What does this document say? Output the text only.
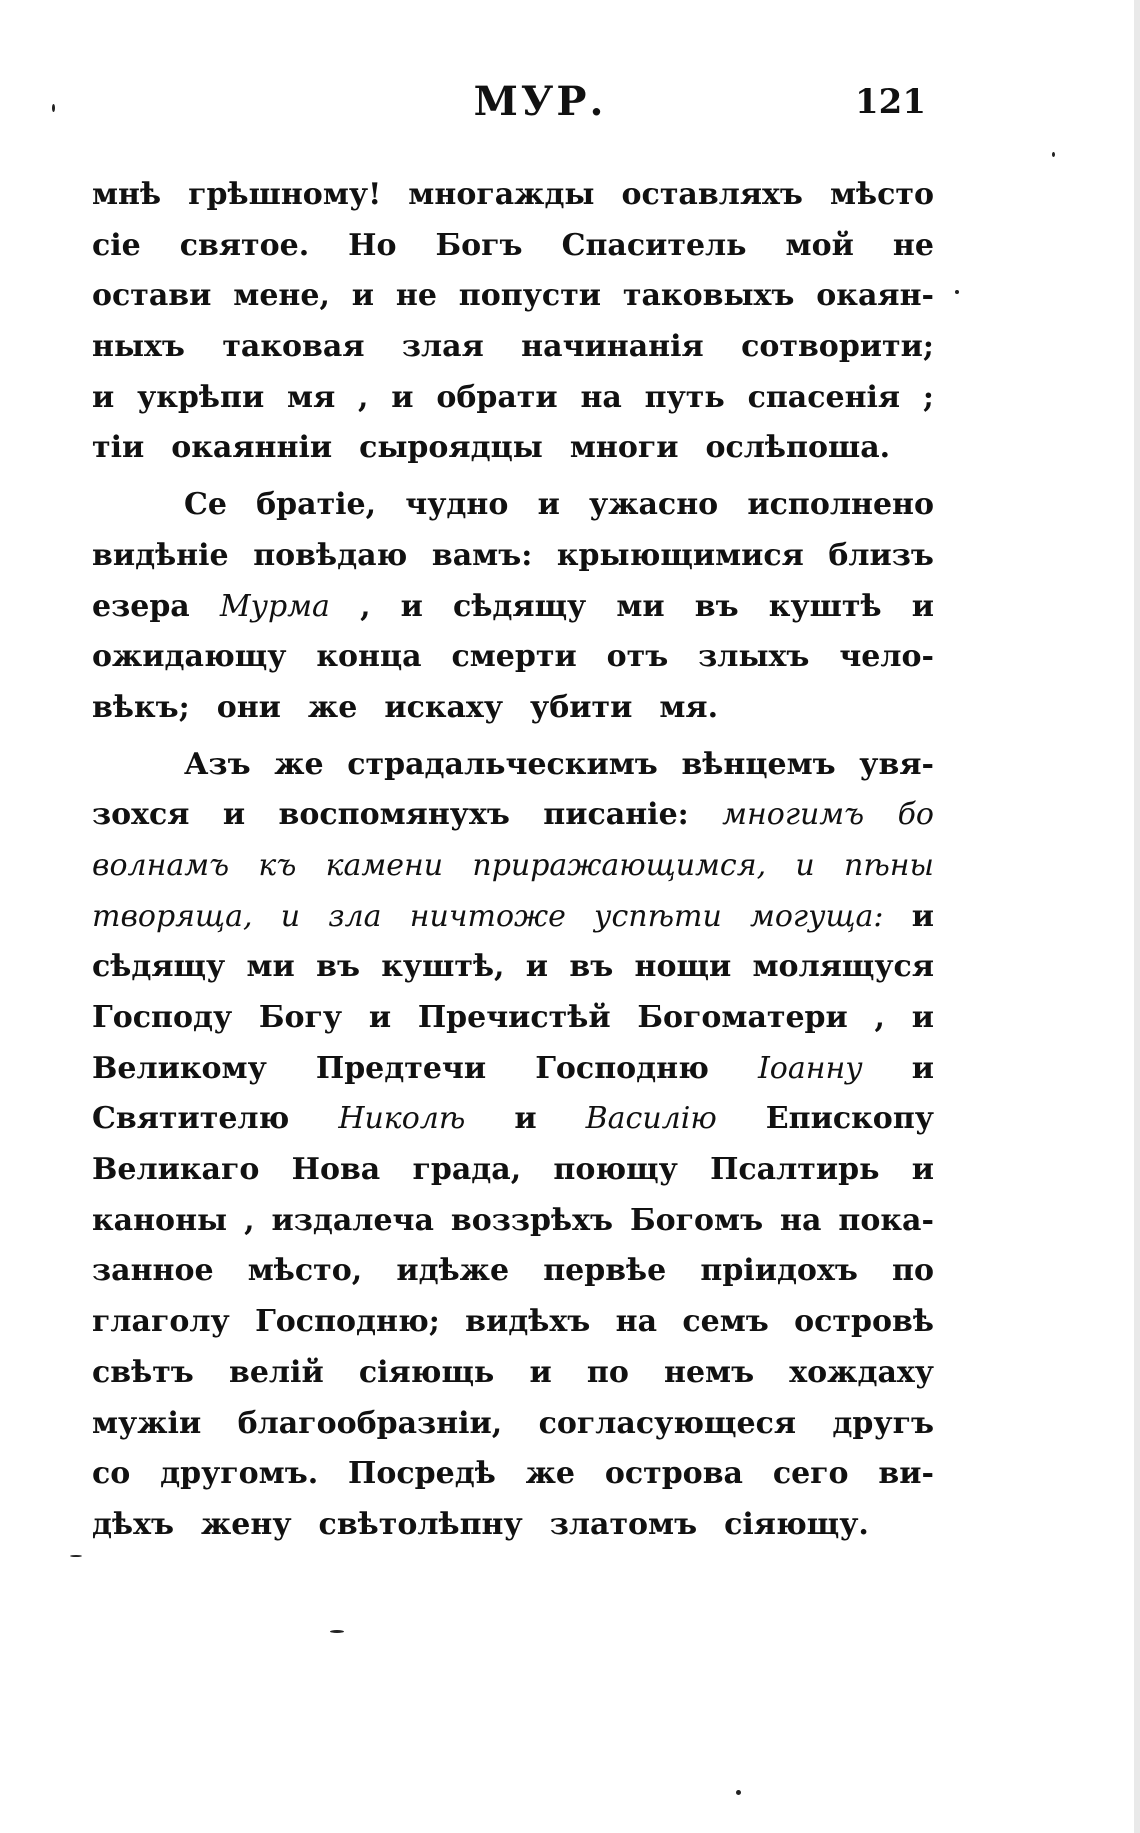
МУР.	121
мнѣ грѣшному! многажды оставляхъ мѣсто
сіе святое. Но Богъ Спаситель мой не
остави мене, и не попусти таковыхъ окаян-
ныхъ таковая злая начинанія сотворити;
и укрѣпи мя , и обрати на путь спасенія ;
тіи окаянніи сыроядцы многи ослѣпоша.
Се братіе, чудно и ужасно исполнено
видѣніе повѣдаю вамъ: крыющимися близъ
езера Мурма , и сѣдящу ми въ куштѣ и
ожидающу конца смерти отъ злыхъ чело-
вѣкъ; они же искаху убити мя.
Азъ же страдальческимъ вѣнцемъ увя-
зохся и воспомянухъ писаніе: многимъ бо
волнамъ къ камени приражающимся, и пѣны
творяща, и зла ничтоже успѣти могуща: и
сѣдящу ми въ куштѣ, и въ нощи молящуся
Господу Богу и Пречистѣй Богоматери , и
Великому Предтечи Господню Іоанну и
Святителю Николѣ и Василію Епископу
Великаго Нова града, поющу Псалтирь и
каноны , издалеча воззрѣхъ Богомъ на пока-
занное мѣсто, идѣже первѣе пріидохъ по
глаголу Господню; видѣхъ на семъ островѣ
свѣтъ велій сіяющь и по немъ хождаху
мужіи благообразніи, согласующеся другъ
со другомъ. Посредѣ же острова сего ви-
дѣхъ жену свѣтолѣпну златомъ сіяющу.
